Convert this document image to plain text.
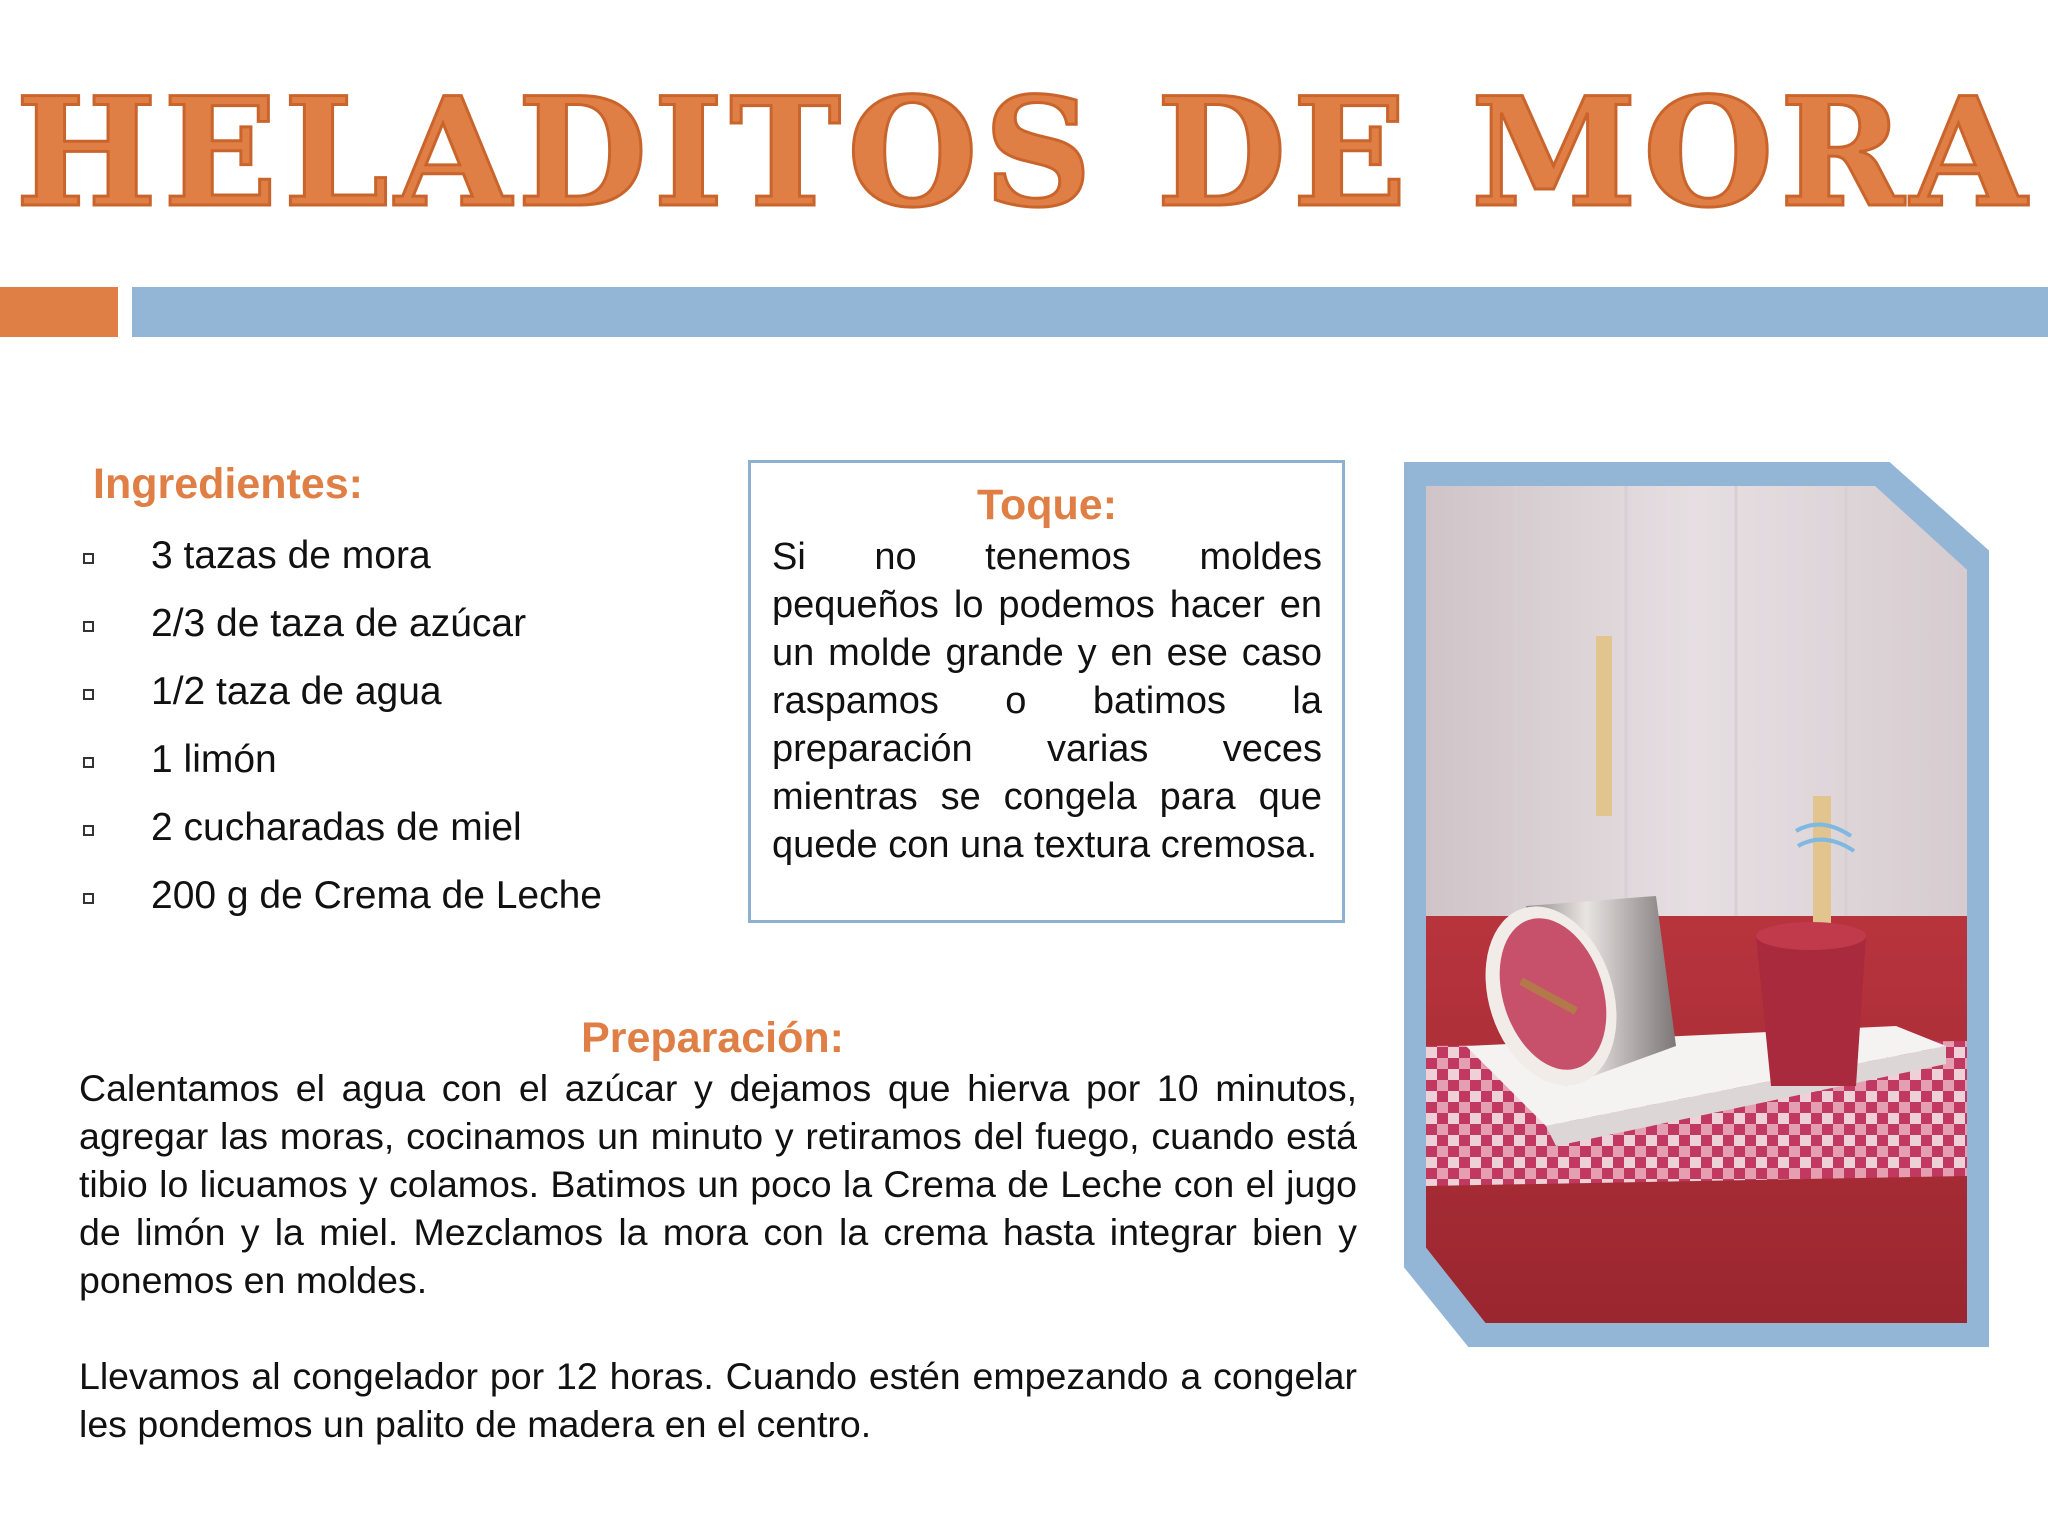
HELADITOS DE MORA
Ingredientes:
3 tazas de mora
2/3 de taza de azúcar
1/2 taza de agua
1 limón
2 cucharadas de miel
200 g de Crema de Leche
Toque:

Si no tenemos moldes pequeños lo podemos hacer en un molde grande y en ese caso raspamos o batimos la preparación varias veces mientras se congela para que quede con una textura cremosa.

Preparación:

Calentamos el agua con el azúcar y dejamos que hierva por 10 minutos, agregar las moras, cocinamos un minuto y retiramos del fuego, cuando está tibio lo licuamos y colamos. Batimos un poco la Crema de Leche con el jugo de limón y la miel. Mezclamos la mora con la crema hasta integrar bien y ponemos en moldes.

Llevamos al congelador por 12 horas. Cuando estén empezando a congelar les pondemos un palito de madera en el centro.
